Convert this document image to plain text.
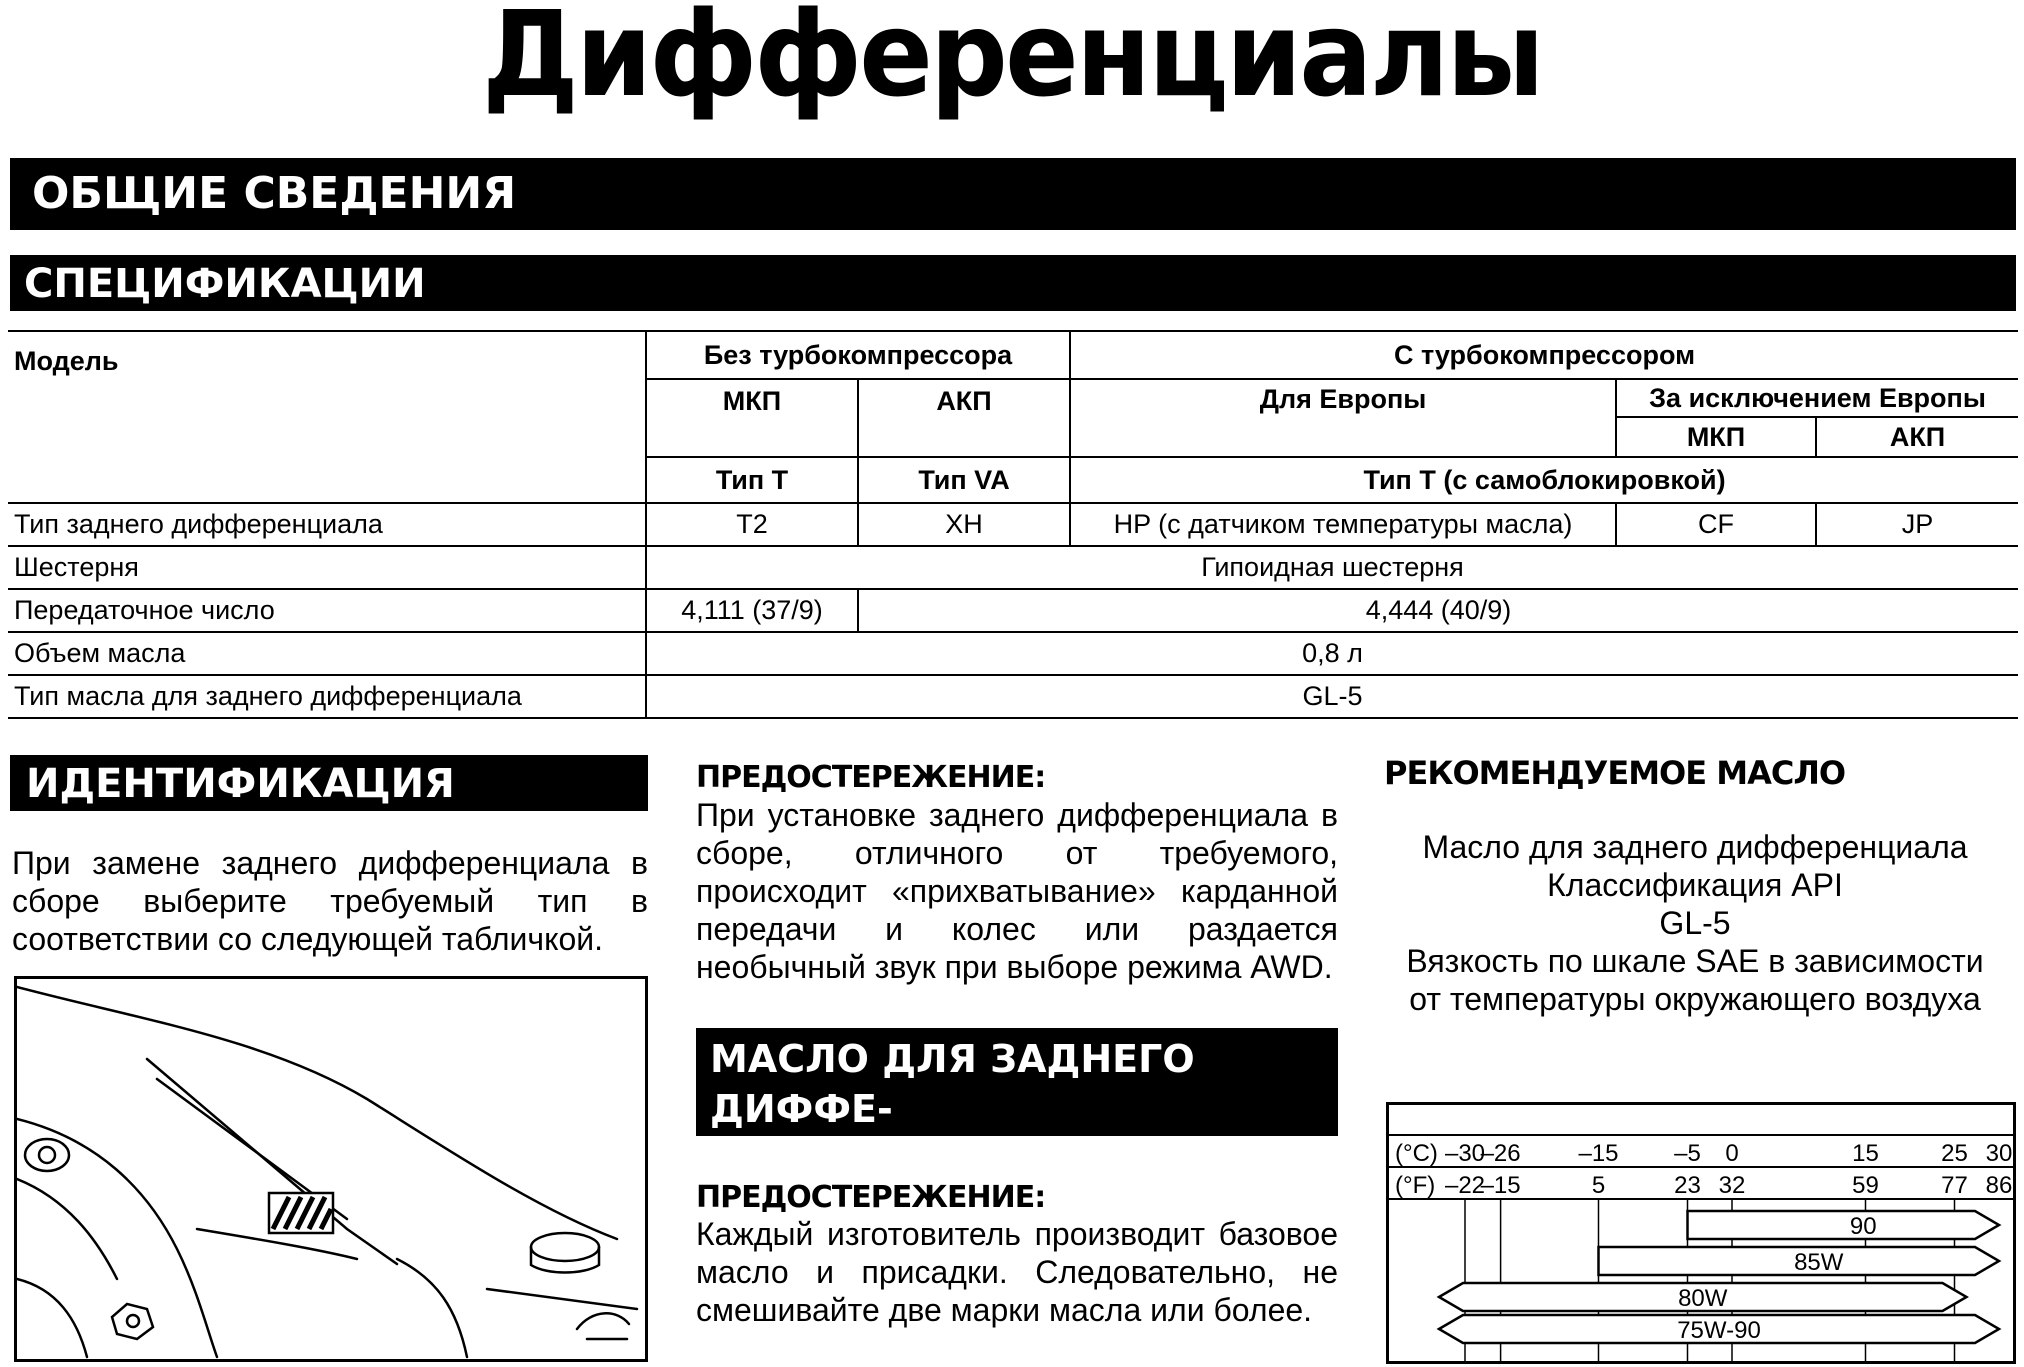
Дифференциалы
ОБЩИЕ СВЕДЕНИЯ
СПЕЦИФИКАЦИИ
Модель	Без турбокомпрессора		С турбокомпрессором		
	МКП	АКП	Для Европы	За исключением Европы	
				МКП	АКП
	Тип T	Тип VA	Тип T (с самоблокировкой)		
Тип заднего дифференциала	T2	XH	HP (с датчиком температуры масла)	CF	JP
Шестерня	Гипоидная шестерня				
Передаточное число	4,111 (37/9)	4,444 (40/9)			
Объем масла	0,8 л				
Тип масла для заднего дифференциала	GL-5				
ИДЕНТИФИКАЦИЯ
При замене заднего дифференциала в сборе выберите требуемый тип в соответствии со следующей табличкой.
ПРЕДОСТЕРЕЖЕНИЕ:
При установке заднего дифференциала в сборе, отличного от требуемого, происходит «прихватывание» карданной передачи и колес или раздается необычный звук при выборе режима AWD.
МАСЛО ДЛЯ ЗАДНЕГО ДИФФЕ-
РЕНЦИАЛА
ПРЕДОСТЕРЕЖЕНИЕ:
Каждый изготовитель производит базовое масло и присадки. Следовательно, не смешивайте две марки масла или более.
РЕКОМЕНДУЕМОЕ МАСЛО
Масло для заднего дифференциала
Классификация API
GL-5
Вязкость по шкале SAE в зависимости
от температуры окружающего воздуха
(°C)
(°F)
–30
–22
–26
–15
–15
5
–5
23
0
32
15
59
25
77
30
86
90
85W
80W
75W-90
